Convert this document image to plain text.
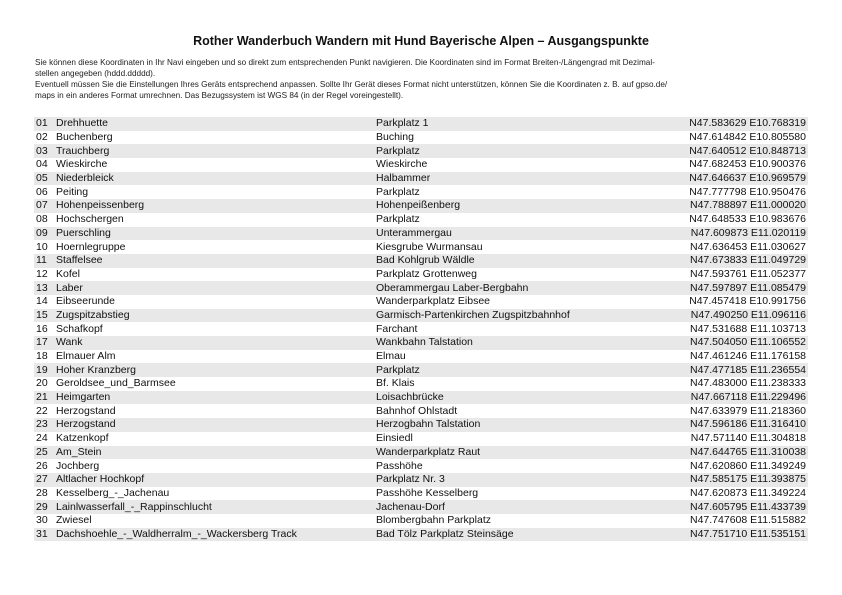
Rother Wanderbuch Wandern mit Hund Bayerische Alpen – Ausgangspunkte

Sie können diese Koordinaten in Ihr Navi eingeben und so direkt zum entsprechenden Punkt navigieren. Die Koordinaten sind im Format Breiten-/Längengrad mit Dezimal-

stellen angegeben (hddd.ddddd).

Eventuell müssen Sie die Einstellungen Ihres Geräts entsprechend anpassen. Sollte Ihr Gerät dieses Format nicht unterstützen, können Sie die Koordinaten z. B. auf gpso.de/

maps in ein anderes Format umrechnen. Das Bezugssystem ist WGS 84 (in der Regel voreingestellt).

01	Drehhuette	Parkplatz 1	N47.583629 E10.768319
02	Buchenberg	Buching	N47.614842 E10.805580
03	Trauchberg	Parkplatz	N47.640512 E10.848713
04	Wieskirche	Wieskirche	N47.682453 E10.900376
05	Niederbleick	Halbammer	N47.646637 E10.969579
06	Peiting	Parkplatz	N47.777798 E10.950476
07	Hohenpeissenberg	Hohenpeißenberg	N47.788897 E11.000020
08	Hochschergen	Parkplatz	N47.648533 E10.983676
09	Puerschling	Unterammergau	N47.609873 E11.020119
10	Hoernlegruppe	Kiesgrube Wurmansau	N47.636453 E11.030627
11	Staffelsee	Bad Kohlgrub Wäldle	N47.673833 E11.049729
12	Kofel	Parkplatz Grottenweg	N47.593761 E11.052377
13	Laber	Oberammergau Laber-Bergbahn	N47.597897 E11.085479
14	Eibseerunde	Wanderparkplatz Eibsee	N47.457418 E10.991756
15	Zugspitzabstieg	Garmisch-Partenkirchen Zugspitzbahnhof	N47.490250 E11.096116
16	Schafkopf	Farchant	N47.531688 E11.103713
17	Wank	Wankbahn Talstation	N47.504050 E11.106552
18	Elmauer Alm	Elmau	N47.461246 E11.176158
19	Hoher Kranzberg	Parkplatz	N47.477185 E11.236554
20	Geroldsee_und_Barmsee	Bf. Klais	N47.483000 E11.238333
21	Heimgarten	Loisachbrücke	N47.667118 E11.229496
22	Herzogstand	Bahnhof Ohlstadt	N47.633979 E11.218360
23	Herzogstand	Herzogbahn Talstation	N47.596186 E11.316410
24	Katzenkopf	Einsiedl	N47.571140 E11.304818
25	Am_Stein	Wanderparkplatz Raut	N47.644765 E11.310038
26	Jochberg	Passhöhe	N47.620860 E11.349249
27	Altlacher Hochkopf	Parkplatz Nr. 3	N47.585175 E11.393875
28	Kesselberg_-_Jachenau	Passhöhe Kesselberg	N47.620873 E11.349224
29	Lainlwasserfall_-_Rappinschlucht	Jachenau-Dorf	N47.605795 E11.433739
30	Zwiesel	Blombergbahn Parkplatz	N47.747608 E11.515882
31	Dachshoehle_-_Waldherralm_-_Wackersberg Track	Bad Tölz Parkplatz Steinsäge	N47.751710 E11.535151
